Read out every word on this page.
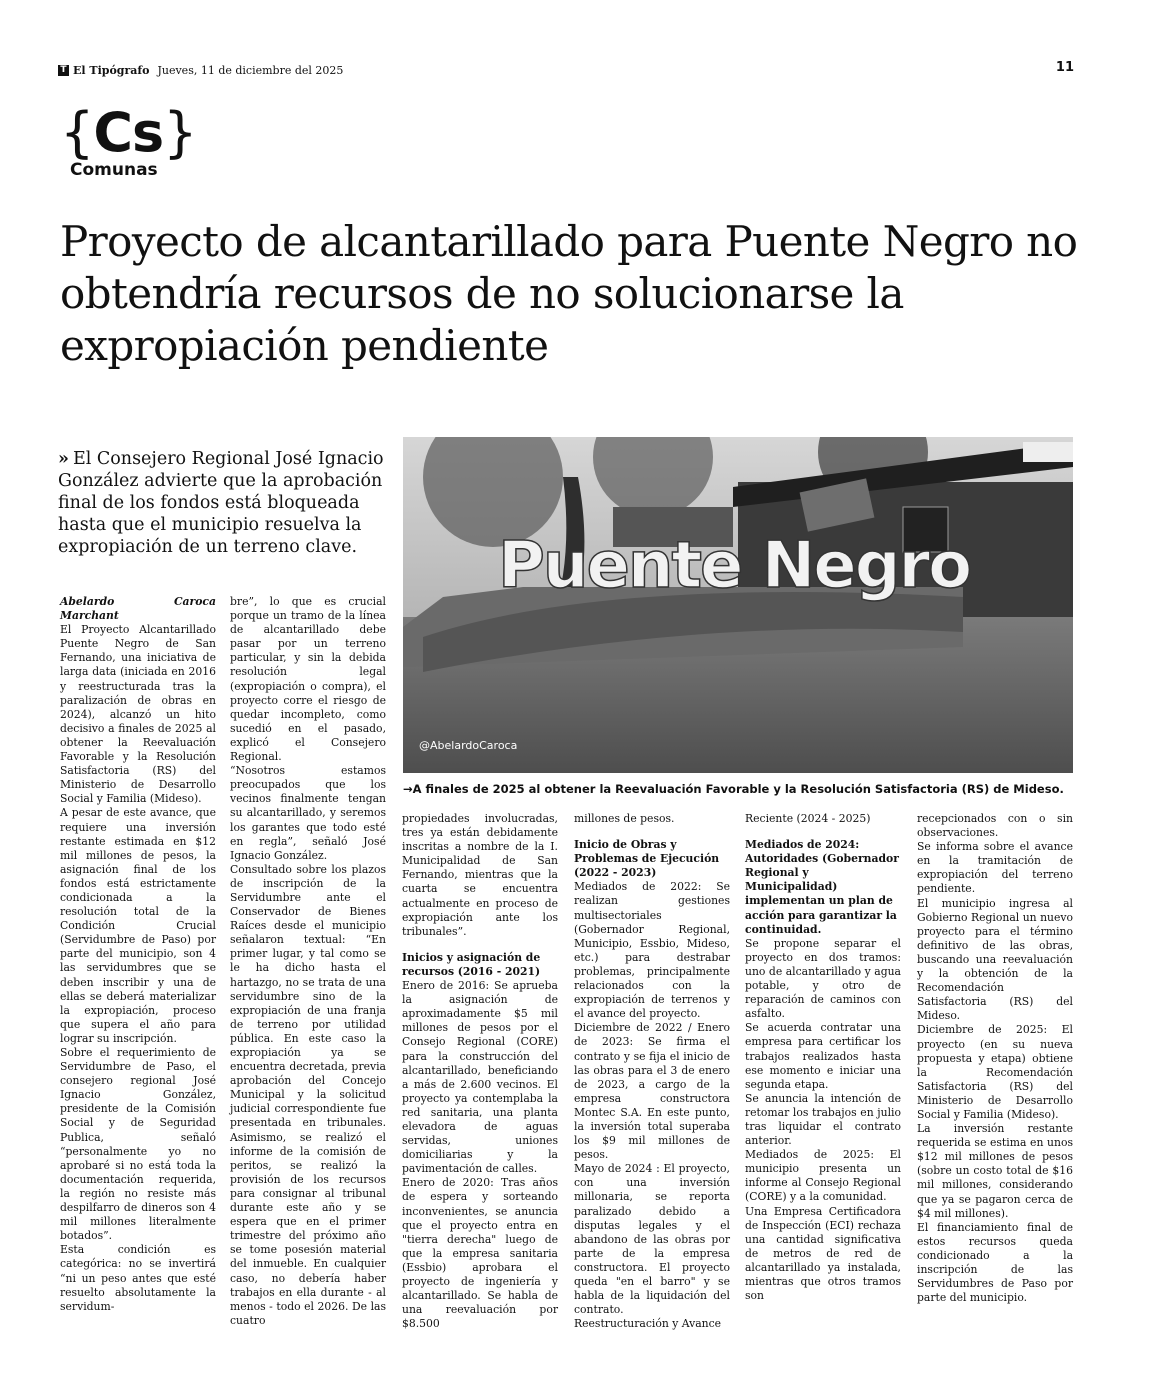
T El Tipógrafo Jueves, 11 de diciembre del 2025	11
{Cs}
Comunas
Proyecto de alcantarillado para Puente Negro no obtendría recursos de no solucionarse la expropiación pendiente

» El Consejero Regional José Ignacio González advierte que la aprobación final de los fondos está bloqueada hasta que el municipio resuelva la expropiación de un terreno clave.	Puente Negro
@AbelardoCaroca

→A finales de 2025 al obtener la Reevaluación Favorable y la Resolución Satisfactoria (RS) de Mideso.

Abelardo Caroca Marchant

El Proyecto Alcantarillado Puente Negro de San Fernando, una iniciativa de larga data (iniciada en 2016 y reestructurada tras la paralización de obras en 2024), alcanzó un hito decisivo a finales de 2025 al obtener la Reevaluación Favorable y la Resolución Satisfactoria (RS) del Ministerio de Desarrollo Social y Familia (Mideso).

A pesar de este avance, que requiere una inversión restante estimada en $12 mil millones de pesos, la asignación final de los fondos está estrictamente condicionada a la resolución total de la Condición Crucial (Servidumbre de Paso) por parte del municipio, son 4 las servidumbres que se deben inscribir y una de ellas se deberá materializar la expropiación, proceso que supera el año para lograr su inscripción.

Sobre el requerimiento de Servidumbre de Paso, el consejero regional José Ignacio González, presidente de la Comisión Social y de Seguridad Publica, señaló “personalmente yo no aprobaré si no está toda la documentación requerida, la región no resiste más despilfarro de dineros son 4 mil millones literalmente botados”.

Esta condición es categórica: no se invertirá “ni un peso antes que esté resuelto absolutamente la servidum-

bre”, lo que es crucial porque un tramo de la línea de alcantarillado debe pasar por un terreno particular, y sin la debida resolución legal (expropiación o compra), el proyecto corre el riesgo de quedar incompleto, como sucedió en el pasado, explicó el Consejero Regional.

“Nosotros estamos preocupados que los vecinos finalmente tengan su alcantarillado, y seremos los garantes que todo esté en regla”, señaló José Ignacio González.

Consultado sobre los plazos de inscripción de la Servidumbre ante el Conservador de Bienes Raíces desde el municipio señalaron textual: “En primer lugar, y tal como se le ha dicho hasta el hartazgo, no se trata de una servidumbre sino de la expropiación de una franja de terreno por utilidad pública. En este caso la expropiación ya se encuentra decretada, previa aprobación del Concejo Municipal y la solicitud judicial correspondiente fue presentada en tribunales. Asimismo, se realizó el informe de la comisión de peritos, se realizó la provisión de los recursos para consignar al tribunal durante este año y se espera que en el primer trimestre del próximo año se tome posesión material del inmueble. En cualquier caso, no debería haber trabajos en ella durante - al menos - todo el 2026. De las cuatro

propiedades involucradas, tres ya están debidamente inscritas a nombre de la I. Municipalidad de San Fernando, mientras que la cuarta se encuentra actualmente en proceso de expropiación ante los tribunales”.

Inicios y asignación de recursos (2016 - 2021)

Enero de 2016: Se aprueba la asignación de aproximadamente $5 mil millones de pesos por el Consejo Regional (CORE) para la construcción del alcantarillado, beneficiando a más de 2.600 vecinos. El proyecto ya contemplaba la red sanitaria, una planta elevadora de aguas servidas, uniones domiciliarias y la pavimentación de calles.

Enero de 2020: Tras años de espera y sorteando inconvenientes, se anuncia que el proyecto entra en "tierra derecha" luego de que la empresa sanitaria (Essbio) aprobara el proyecto de ingeniería y alcantarillado. Se habla de una reevaluación por $8.500

millones de pesos.

Inicio de Obras y Problemas de Ejecución (2022 - 2023)

Mediados de 2022: Se realizan gestiones multisectoriales (Gobernador Regional, Municipio, Essbio, Mideso, etc.) para destrabar problemas, principalmente relacionados con la expropiación de terrenos y el avance del proyecto.

Diciembre de 2022 / Enero de 2023: Se firma el contrato y se fija el inicio de las obras para el 3 de enero de 2023, a cargo de la empresa constructora Montec S.A. En este punto, la inversión total superaba los $9 mil millones de pesos.

Mayo de 2024 : El proyecto, con una inversión millonaria, se reporta paralizado debido a disputas legales y el abandono de las obras por parte de la empresa constructora. El proyecto queda "en el barro" y se habla de la liquidación del contrato.

Reestructuración y Avance

Reciente (2024 - 2025)

Mediados de 2024: Autoridades (Gobernador Regional y Municipalidad) implementan un plan de acción para garantizar la continuidad.

Se propone separar el proyecto en dos tramos: uno de alcantarillado y agua potable, y otro de reparación de caminos con asfalto.

Se acuerda contratar una empresa para certificar los trabajos realizados hasta ese momento e iniciar una segunda etapa.

Se anuncia la intención de retomar los trabajos en julio tras liquidar el contrato anterior.

Mediados de 2025: El municipio presenta un informe al Consejo Regional (CORE) y a la comunidad.

Una Empresa Certificadora de Inspección (ECI) rechaza una cantidad significativa de metros de red de alcantarillado ya instalada, mientras que otros tramos son

recepcionados con o sin observaciones.

Se informa sobre el avance en la tramitación de expropiación del terreno pendiente.

El municipio ingresa al Gobierno Regional un nuevo proyecto para el término definitivo de las obras, buscando una reevaluación y la obtención de la Recomendación Satisfactoria (RS) del Mideso.

Diciembre de 2025: El proyecto (en su nueva propuesta y etapa) obtiene la Recomendación Satisfactoria (RS) del Ministerio de Desarrollo Social y Familia (Mideso).

La inversión restante requerida se estima en unos $12 mil millones de pesos (sobre un costo total de $16 mil millones, considerando que ya se pagaron cerca de $4 mil millones).

El financiamiento final de estos recursos queda condicionado a la inscripción de las Servidumbres de Paso por parte del municipio.
